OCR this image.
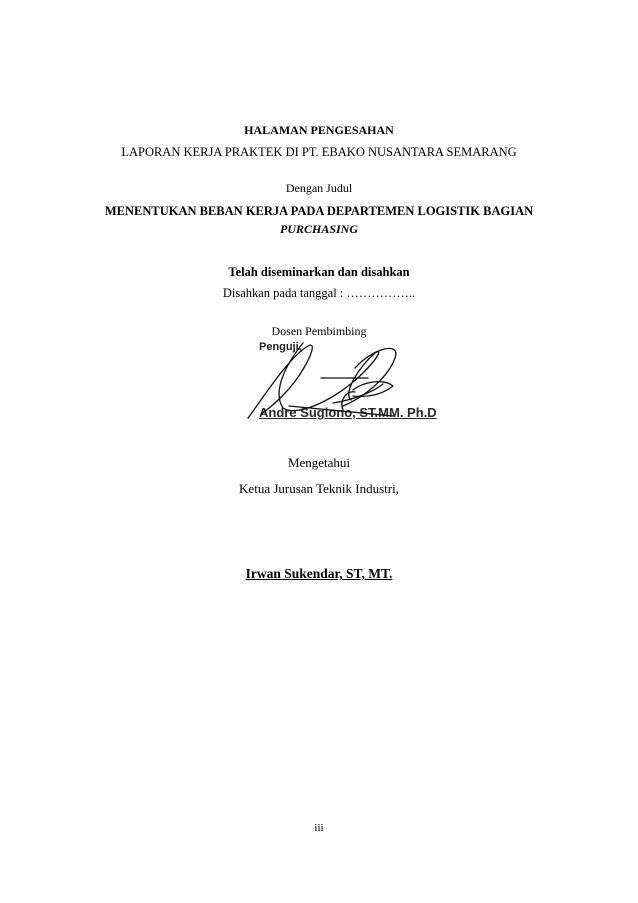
HALAMAN PENGESAHAN
LAPORAN KERJA PRAKTEK DI PT. EBAKO NUSANTARA SEMARANG
Dengan Judul
MENENTUKAN BEBAN KERJA PADA DEPARTEMEN LOGISTIK BAGIAN
PURCHASING
Telah diseminarkan dan disahkan
Disahkan pada tanggal : ……………..
Dosen Pembimbing
Penguji,
Andre Sugiono, ST.MM. Ph.D
Mengetahui
Ketua Jurusan Teknik Industri,
Irwan Sukendar, ST, MT.
iii
